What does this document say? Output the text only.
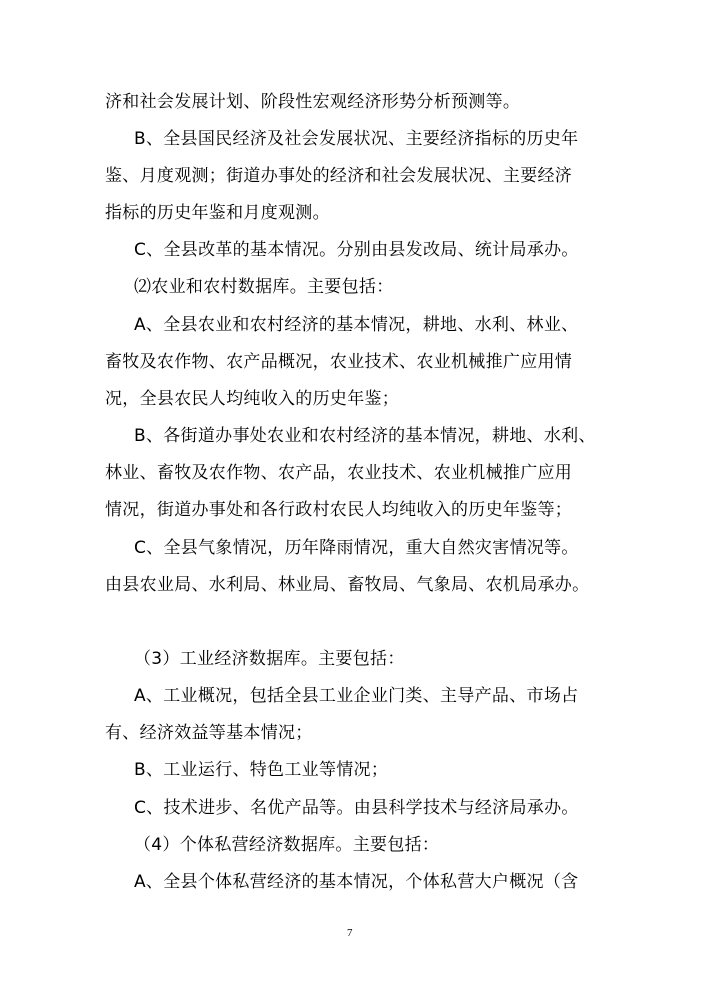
济和社会发展计划、阶段性宏观经济形势分析预测等。
B、全县国民经济及社会发展状况、主要经济指标的历史年
鉴、月度观测；街道办事处的经济和社会发展状况、主要经济
指标的历史年鉴和月度观测。
C、全县改革的基本情况。分别由县发改局、统计局承办。
⑵农业和农村数据库。主要包括：
A、全县农业和农村经济的基本情况，耕地、水利、林业、
畜牧及农作物、农产品概况，农业技术、农业机械推广应用情
况，全县农民人均纯收入的历史年鉴；
B、各街道办事处农业和农村经济的基本情况，耕地、水利、
林业、畜牧及农作物、农产品，农业技术、农业机械推广应用
情况，街道办事处和各行政村农民人均纯收入的历史年鉴等；
C、全县气象情况，历年降雨情况，重大自然灾害情况等。
由县农业局、水利局、林业局、畜牧局、气象局、农机局承办。
（3）工业经济数据库。主要包括：
A、工业概况，包括全县工业企业门类、主导产品、市场占
有、经济效益等基本情况；
B、工业运行、特色工业等情况；
C、技术进步、名优产品等。由县科学技术与经济局承办。
（4）个体私营经济数据库。主要包括：
A、全县个体私营经济的基本情况，个体私营大户概况（含
7
